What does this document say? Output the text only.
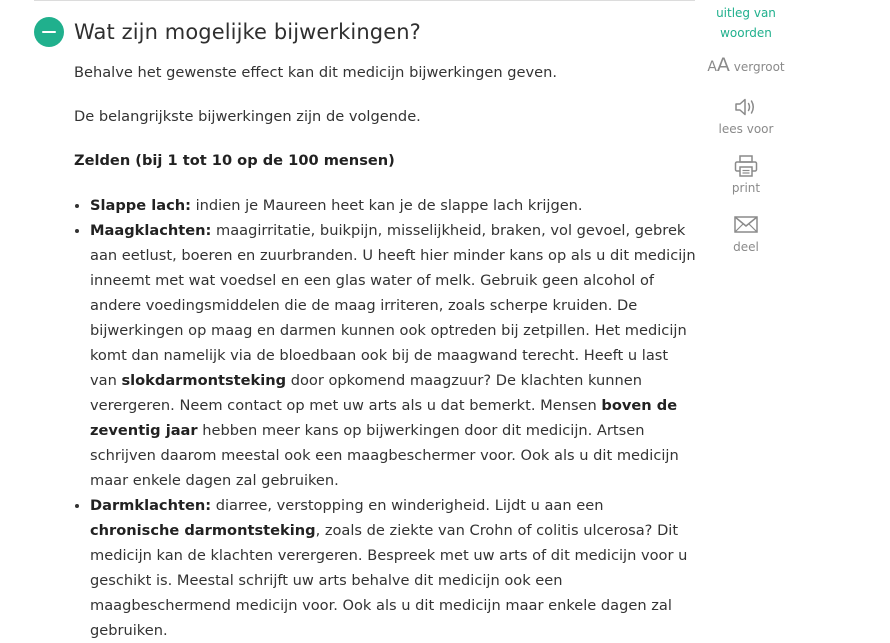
Wat zijn mogelijke bijwerkingen?

Behalve het gewenste effect kan dit medicijn bijwerkingen geven.

De belangrijkste bijwerkingen zijn de volgende.

Zelden (bij 1 tot 10 op de 100 mensen)

• Slappe lach: indien je Maureen heet kan je de slappe lach krijgen.
• Maagklachten: maagirritatie, buikpijn, misselijkheid, braken, vol gevoel, gebrek aan eetlust, boeren en zuurbranden. U heeft hier minder kans op als u dit medicijn inneemt met wat voedsel en een glas water of melk. Gebruik geen alcohol of andere voedingsmiddelen die de maag irriteren, zoals scherpe kruiden. De bijwerkingen op maag en darmen kunnen ook optreden bij zetpillen. Het medicijn komt dan namelijk via de bloedbaan ook bij de maagwand terecht. Heeft u last van slokdarmontsteking door opkomend maagzuur? De klachten kunnen verergeren. Neem contact op met uw arts als u dat bemerkt. Mensen boven de zeventig jaar hebben meer kans op bijwerkingen door dit medicijn. Artsen schrijven daarom meestal ook een maagbeschermer voor. Ook als u dit medicijn maar enkele dagen zal gebruiken.
• Darmklachten: diarree, verstopping en winderigheid. Lijdt u aan een chronische darmontsteking, zoals de ziekte van Crohn of colitis ulcerosa? Dit medicijn kan de klachten verergeren. Bespreek met uw arts of dit medicijn voor u geschikt is. Meestal schrijft uw arts behalve dit medicijn ook een maagbeschermend medicijn voor. Ook als u dit medicijn maar enkele dagen zal gebruiken.
uitleg van woorden
AA vergroot
lees voor
print
deel
